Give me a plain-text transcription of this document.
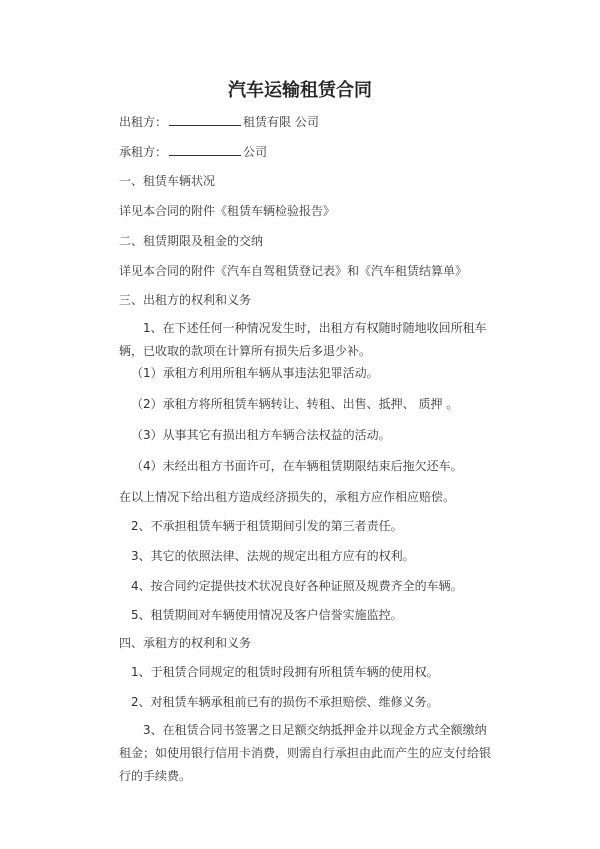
汽车运输租赁合同
出租方：	租赁有限 公司
承租方：	公司
一、租赁车辆状况
详见本合同的附件《租赁车辆检验报告》
二、租赁期限及租金的交纳
详见本合同的附件《汽车自驾租赁登记表》和《汽车租赁结算单》
三、出租方的权利和义务
1、在下述任何一种情况发生时，出租方有权随时随地收回所租车辆，已收取的款项在计算所有损失后多退少补。
（1）承租方利用所租车辆从事违法犯罪活动。
（2）承租方将所租赁车辆转让、转租、出售、抵押、 质押 。
（3）从事其它有损出租方车辆合法权益的活动。
（4）未经出租方书面许可，在车辆租赁期限结束后拖欠还车。
在以上情况下给出租方造成经济损失的，承租方应作相应赔偿。
2、不承担租赁车辆于租赁期间引发的第三者责任。
3、其它的依照法律、法规的规定出租方应有的权利。
4、按合同约定提供技术状况良好各种证照及规费齐全的车辆。
5、租赁期间对车辆使用情况及客户信誉实施监控。
四、承租方的权利和义务
1、于租赁合同规定的租赁时段拥有所租赁车辆的使用权。
2、对租赁车辆承租前已有的损伤不承担赔偿、维修义务。
3、在租赁合同书签署之日足额交纳抵押金并以现金方式全额缴纳租金；如使用银行信用卡消费，则需自行承担由此而产生的应支付给银行的手续费。
